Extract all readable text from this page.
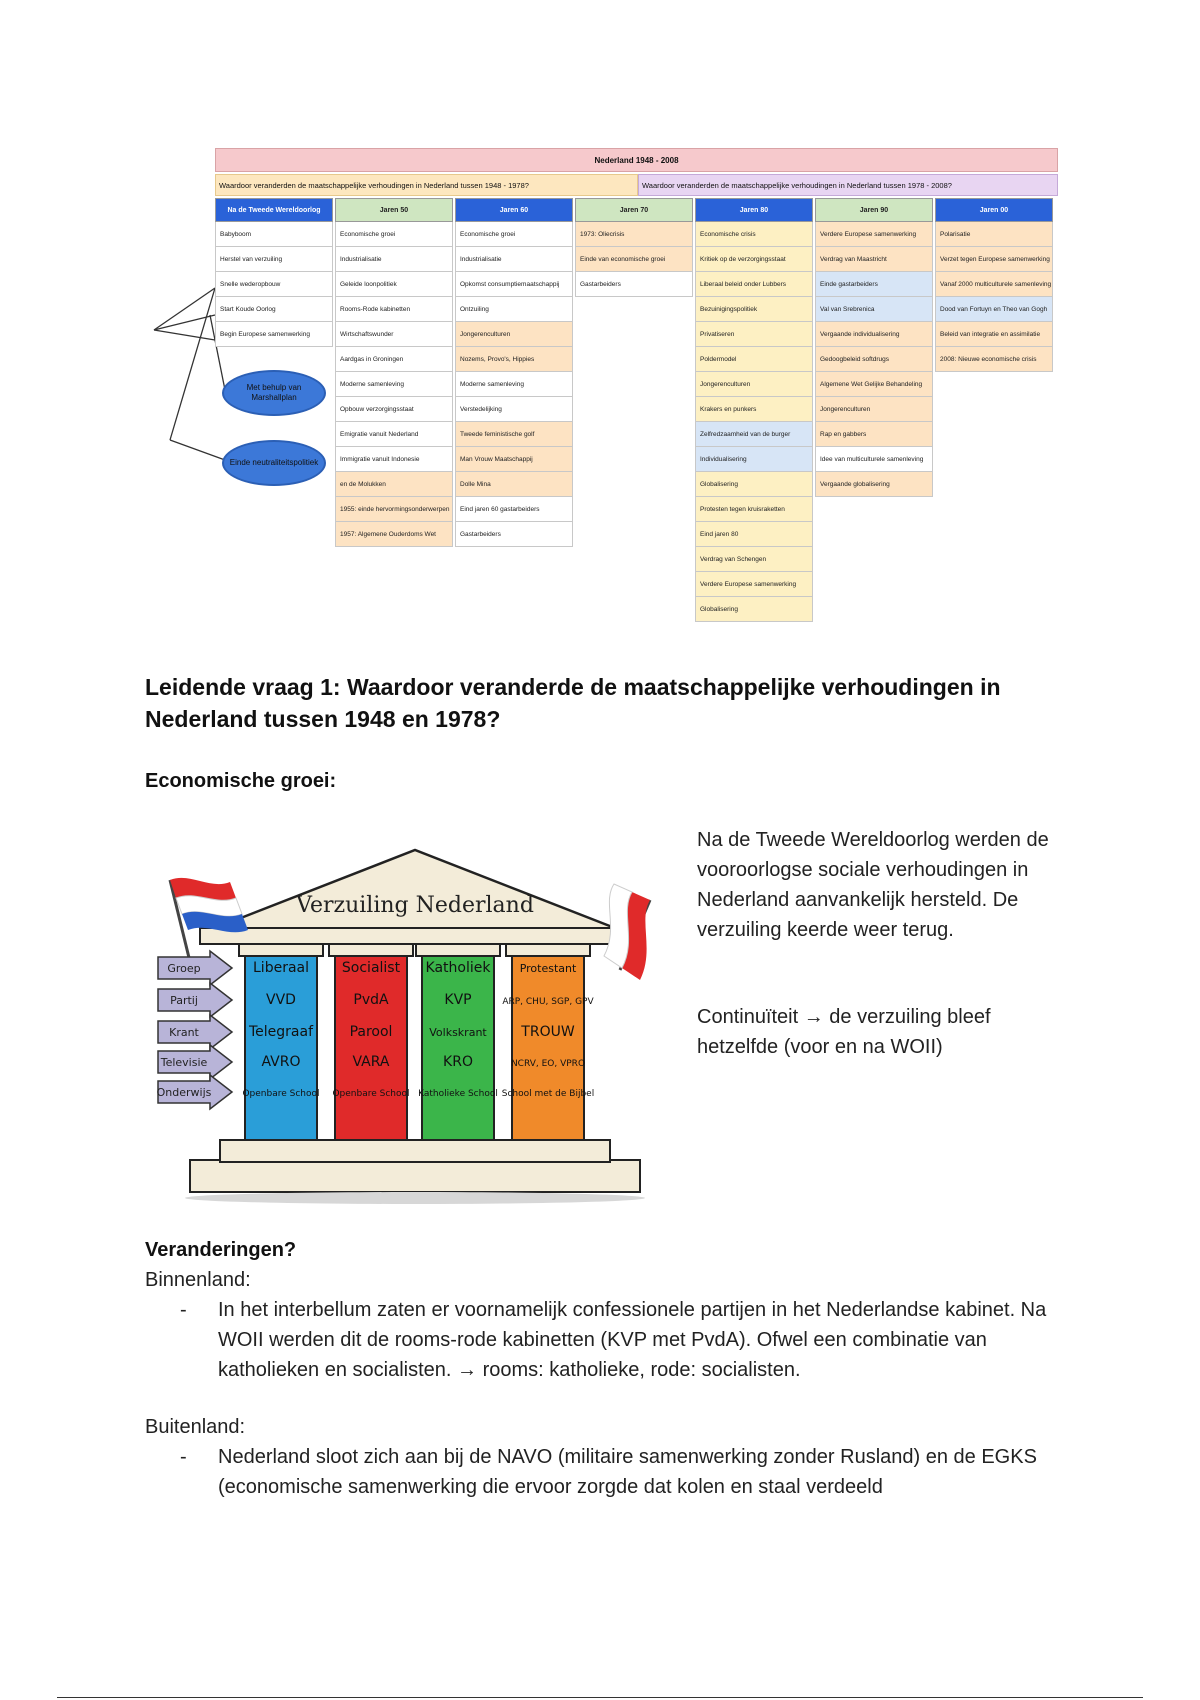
Nederland 1948 - 2008
Waardoor veranderden de maatschappelijke verhoudingen in Nederland tussen 1948 - 1978?	Waardoor veranderden de maatschappelijke verhoudingen in Nederland tussen 1978 - 2008?
Na de Tweede Wereldoorlog
Babyboom
Herstel van verzuiling
Snelle wederopbouw
Start Koude Oorlog
Begin Europese samenwerking
Jaren 50
Economische groei
Industrialisatie
Geleide loonpolitiek
Rooms-Rode kabinetten
Wirtschaftswunder
Aardgas in Groningen
Moderne samenleving
Opbouw verzorgingsstaat
Emigratie vanuit Nederland
Immigratie vanuit Indonesie
en de Molukken
1955: einde hervormingsonderwerpen
1957: Algemene Ouderdoms Wet
Jaren 60
Economische groei
Industrialisatie
Opkomst consumptiemaatschappij
Ontzuiling
Jongerenculturen
Nozems, Provo's, Hippies
Moderne samenleving
Verstedelijking
Tweede feministische golf
Man Vrouw Maatschappij
Dolle Mina
Eind jaren 60 gastarbeiders
Gastarbeiders
Jaren 70
1973: Oliecrisis
Einde van economische groei
Gastarbeiders
Jaren 80
Economische crisis
Kritiek op de verzorgingsstaat
Liberaal beleid onder Lubbers
Bezuinigingspolitiek
Privatiseren
Poldermodel
Jongerenculturen
Krakers en punkers
Zelfredzaamheid van de burger
Individualisering
Globalisering
Protesten tegen kruisraketten
Eind jaren 80
Verdrag van Schengen
Verdere Europese samenwerking
Globalisering
Jaren 90
Verdere Europese samenwerking
Verdrag van Maastricht
Einde gastarbeiders
Val van Srebrenica
Vergaande individualisering
Gedoogbeleid softdrugs
Algemene Wet Gelijke Behandeling
Jongerenculturen
Rap en gabbers
Idee van multiculturele samenleving
Vergaande globalisering
Jaren 00
Polarisatie
Verzet tegen Europese samenwerking
Vanaf 2000 multiculturele samenleving
Dood van Fortuyn en Theo van Gogh
Beleid van integratie en assimilatie
2008: Nieuwe economische crisis
Met behulp van Marshallplan
Einde neutraliteitspolitiek
Leidende vraag 1: Waardoor veranderde de maatschappelijke verhoudingen in Nederland tussen 1948 en 1978?
Economische groei:
Verzuiling Nederland
Groep
Partij
Krant
Televisie
Onderwijs
Liberaal
VVD
Telegraaf
AVRO
Openbare School
Socialist
PvdA
Parool
VARA
Openbare School
Katholiek
KVP
Volkskrant
KRO
Katholieke School
Protestant
ARP, CHU, SGP, GPV
TROUW
NCRV, EO, VPRO
School met de Bijbel

Na de Tweede Wereldoorlog werden de vooroorlogse sociale verhoudingen in Nederland aanvankelijk hersteld. De verzuiling keerde weer terug.

Continuïteit → de verzuiling bleef hetzelfde (voor en na WOII)

Veranderingen?

Binnenland:

- In het interbellum zaten er voornamelijk confessionele partijen in het Nederlandse kabinet. Na WOII werden dit de rooms-rode kabinetten (KVP met PvdA). Ofwel een combinatie van katholieken en socialisten. → rooms: katholieke, rode: socialisten.

Buitenland:

- Nederland sloot zich aan bij de NAVO (militaire samenwerking zonder Rusland) en de EGKS (economische samenwerking die ervoor zorgde dat kolen en staal verdeeld
